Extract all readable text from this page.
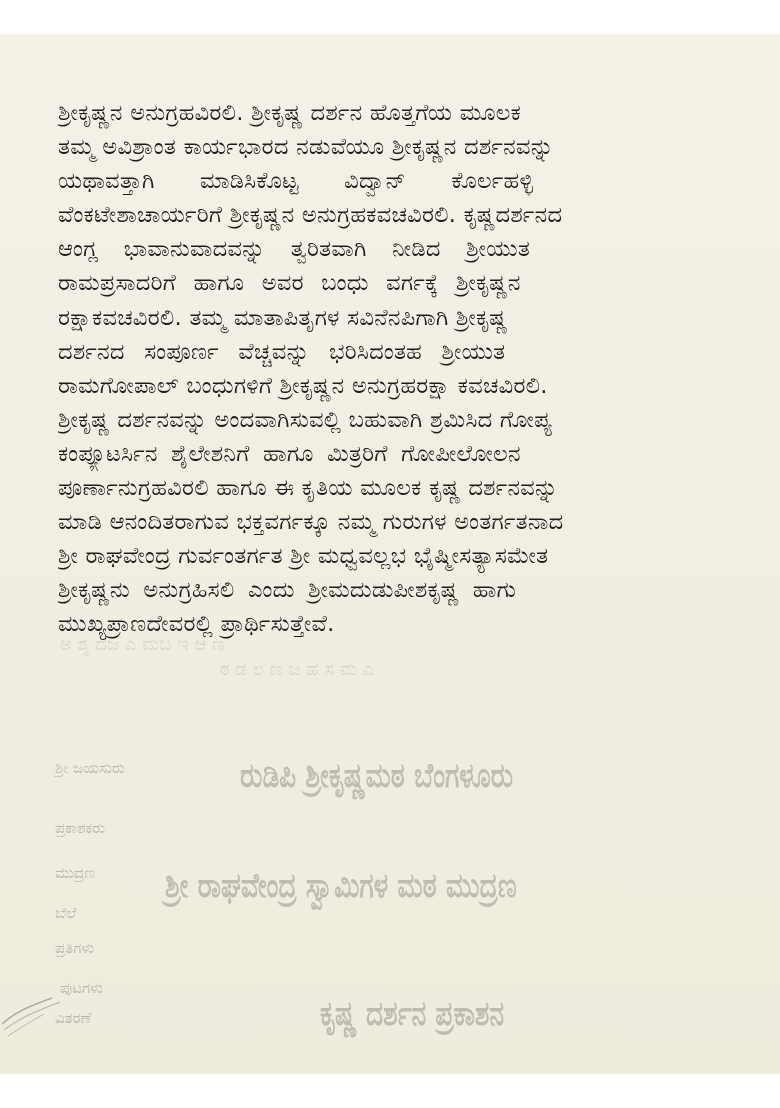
ಅ ಶ್ಶ ದಜ ಎ ಮಬ ಇ ಆ ಣ
ಠ ಡ ಲ ಣ ಜ ಹ ಸ ಮ ಎ
ರುಡಿಪಿ ಶ್ರೀಕೃಷ್ಣಮಠ ಬೆಂಗಳೂರು
ಶ್ರೀ ರಾಘವೇಂದ್ರ ಸ್ವಾಮಿಗಳ ಮಠ ಮುದ್ರಣ
ಕೃಷ್ಣ ದರ್ಶನ ಪ್ರಕಾಶನ
ಶ್ರೀ ಜಯಸುರು
ಪ್ರಕಾಶಕರು
ಮುದ್ರಣ
ಬೆಲೆ
ಪ್ರತಿಗಳು
ಪುಟಗಳು
ವಿತರಣೆ
ಶ್ರೀಕೃಷ್ಣನ ಅನುಗ್ರಹವಿರಲಿ. ಶ್ರೀಕೃಷ್ಣ ದರ್ಶನ ಹೊತ್ತಗೆಯ ಮೂಲಕ
ತಮ್ಮ ಅವಿಶ್ರಾಂತ ಕಾರ್ಯಭಾರದ ನಡುವೆಯೂ ಶ್ರೀಕೃಷ್ಣನ ದರ್ಶನವನ್ನು
ಯಥಾವತ್ತಾಗಿ ಮಾಡಿಸಿಕೊಟ್ಟ ವಿದ್ವಾನ್ ಕೊರ್ಲಹಳ್ಳಿ
ವೆಂಕಟೇಶಾಚಾರ್ಯರಿಗೆ ಶ್ರೀಕೃಷ್ಣನ ಅನುಗ್ರಹಕವಚವಿರಲಿ. ಕೃಷ್ಣದರ್ಶನದ
ಆಂಗ್ಲ ಭಾವಾನುವಾದವನ್ನು ತ್ವರಿತವಾಗಿ ನೀಡಿದ ಶ್ರೀಯುತ
ರಾಮಪ್ರಸಾದರಿಗೆ ಹಾಗೂ ಅವರ ಬಂಧು ವರ್ಗಕ್ಕೆ ಶ್ರೀಕೃಷ್ಣನ
ರಕ್ಷಾಕವಚವಿರಲಿ. ತಮ್ಮ ಮಾತಾಪಿತೃಗಳ ಸವಿನೆನಪಿಗಾಗಿ ಶ್ರೀಕೃಷ್ಣ
ದರ್ಶನದ ಸಂಪೂರ್ಣ ವೆಚ್ಚವನ್ನು ಭರಿಸಿದಂತಹ ಶ್ರೀಯುತ
ರಾಮಗೋಪಾಲ್ ಬಂಧುಗಳಿಗೆ ಶ್ರೀಕೃಷ್ಣನ ಅನುಗ್ರಹರಕ್ಷಾ ಕವಚವಿರಲಿ.
ಶ್ರೀಕೃಷ್ಣ ದರ್ಶನವನ್ನು ಅಂದವಾಗಿಸುವಲ್ಲಿ ಬಹುವಾಗಿ ಶ್ರಮಿಸಿದ ಗೋಪ್ಯ
ಕಂಪ್ಯೂಟರ್ಸಿನ ಶೈಲೇಶನಿಗೆ ಹಾಗೂ ಮಿತ್ರರಿಗೆ ಗೋಪೀಲೋಲನ
ಪೂರ್ಣಾನುಗ್ರಹವಿರಲಿ ಹಾಗೂ ಈ ಕೃತಿಯ ಮೂಲಕ ಕೃಷ್ಣ ದರ್ಶನವನ್ನು
ಮಾಡಿ ಆನಂದಿತರಾಗುವ ಭಕ್ತವರ್ಗಕ್ಕೂ ನಮ್ಮ ಗುರುಗಳ ಅಂತರ್ಗತನಾದ
ಶ್ರೀ ರಾಘವೇಂದ್ರ ಗುರ್ವಂತರ್ಗತ ಶ್ರೀ ಮಧ್ವವಲ್ಲಭ ಭೈಷ್ಮೀಸತ್ಯಾಸಮೇತ
ಶ್ರೀಕೃಷ್ಣನು ಅನುಗ್ರಹಿಸಲಿ ಎಂದು ಶ್ರೀಮದುಡುಪೀಶಕೃಷ್ಣ ಹಾಗು
ಮುಖ್ಯಪ್ರಾಣದೇವರಲ್ಲಿ ಪ್ರಾರ್ಥಿಸುತ್ತೇವೆ.
